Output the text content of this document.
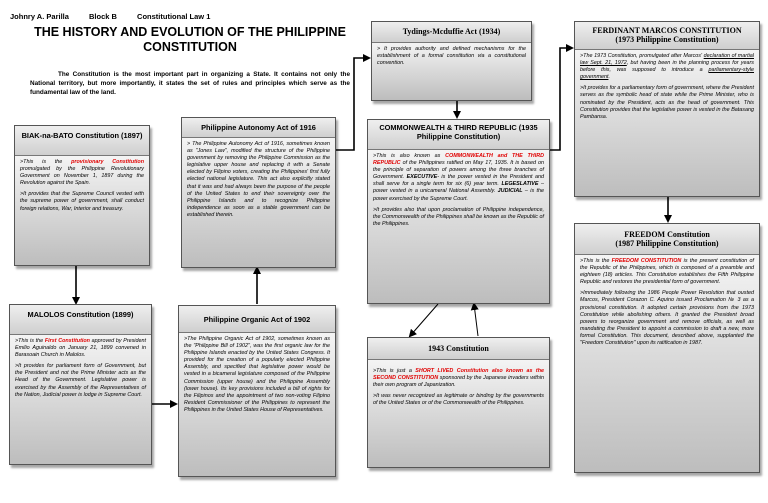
Johnry A. Parilla	Block B	Constitutional Law 1
THE HISTORY AND EVOLUTION OF THE PHILIPPINE CONSTITUTION
The Constitution is the most important part in organizing a State. It contains not only the National territory, but more importantly, it states the set of rules and principles which serve as the fundamental law of the land.
BIAK-na-BATO Constitution (1897)

>This is the provisionary Constitution promulgated by the Philippine Revolutionary Government on November 1, 1897 during the Revolution against the Spain.

>It provides that the Supreme Council vested with the supreme power of government, shall conduct foreign relations, War, Interior and treasury.

MALOLOS Constitution (1899)

>This is the First Constitution approved by President Emilio Aguinaldo on January 21, 1899 convened in Barasoain Church in Malolos.

>It provides for parliament form of Government, but the President and not the Prime Minister acts as the Head of the Government. Legislative power is exercised by the Assembly of the Representatives of the Nation, Judicial power is lodge in Supreme Court.

Philippine Autonomy Act of 1916

> The Philippine Autonomy Act of 1916, sometimes known as "Jones Law", modified the structure of the Philippine government by removing the Philippine Commission as the legislative upper house and replacing it with a Senate elected by Filipino voters, creating the Philippines' first fully elected national legislature. This act also explicitly stated that it was and had always been the purpose of the people of the United States to end their sovereignty over the Philippine Islands and to recognize Philippine independence as soon as a stable government can be established therein.

Philippine Organic Act of 1902

>The Philippine Organic Act of 1902, sometimes known as the "Philippine Bill of 1902", was the first organic law for the Philippine Islands enacted by the United States Congress. It provided for the creation of a popularly elected Philippine Assembly, and specified that legislative power would be vested in a bicameral legislature composed of the Philippine Commission (upper house) and the Philippine Assembly (lower house). Its key provisions included a bill of rights for the Filipinos and the appointment of two non-voting Filipino Resident Commissioner of the Philippines to represent the Philippines in the United States House of Representatives.

Tydings-Mcduffie Act (1934)

> It provides authority and defined mechanisms for the establishment of a formal constitution via a constitutional convention.

COMMONWEALTH & THIRD REPUBLIC (1935 Philippine Constitution)

>This is also known as COMMONWEALTH and THE THIRD REPUBLIC of the Philippines ratified on May 17, 1935. It is based on the principle of separation of powers among the three branches of Government. EXECUTIVE- is the power vested in the President and shall serve for a single term for six (6) year term. LEGESLATIVE – power vested in a unicameral National Assembly. JUDICIAL – is the power exercised by the Supreme Court.

>It provides also that upon proclamation of Philippine independence, the Commonwealth of the Philippines shall be known as the Republic of the Philippines.

1943 Constitution

>This is just a SHORT LIVED Constitution also known as the SECOND CONSTITUTION sponsored by the Japanese invaders within their own program of Japanization.

>It was never recognized as legitimate or binding by the governments of the United States or of the Commonwealth of the Philippines.

FERDINANT MARCOS CONSTITUTION
(1973 Philippine Constitution)

>The 1973 Constitution, promulgated after Marcos' declaration of martial law Sept. 21, 1972, but having been in the planning process for years before this, was supposed to introduce a parliamentary-style government.

>It provides for a parliamentary form of government, where the President serves as the symbolic head of state while the Prime Minister, who is nominated by the President, acts as the head of government. This Constitution provides that the legislative power is vested in the Batasang Pambansa.

FREEDOM Constitution
(1987 Philippine Constitution)

>This is the FREEDOM CONSTITUTION is the present constitution of the Republic of the Philippines, which is composed of a preamble and eighteen (18) articles. This Constitution establishes the Fifth Philippine Republic and restores the presidential form of government.

>Immediately following the 1986 People Power Revolution that ousted Marcos, President Corazon C. Aquino issued Proclamation № 3 as a provisional constitution. It adopted certain provisions from the 1973 Constitution while abolishing others. It granted the President broad powers to reorganize government and remove officials, as well as mandating the President to appoint a commission to draft a new, more formal Constitution. This document, described above, supplanted the "Freedom Constitution" upon its ratification in 1987.
